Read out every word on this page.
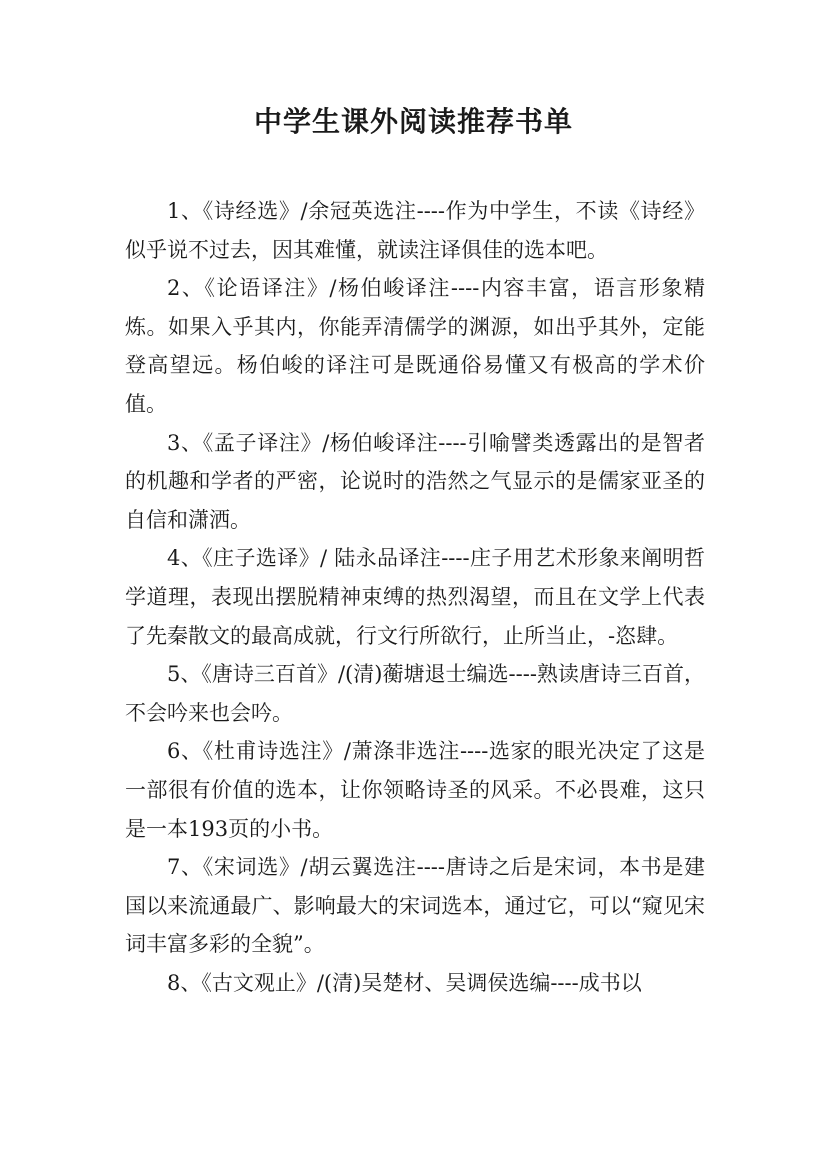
中学生课外阅读推荐书单

1、《诗经选》/余冠英选注----作为中学生，不读《诗经》似乎说不过去，因其难懂，就读注译俱佳的选本吧。

2、《论语译注》/杨伯峻译注----内容丰富，语言形象精炼。如果入乎其内，你能弄清儒学的渊源，如出乎其外，定能登高望远。杨伯峻的译注可是既通俗易懂又有极高的学术价值。

3、《孟子译注》/杨伯峻译注----引喻譬类透露出的是智者的机趣和学者的严密，论说时的浩然之气显示的是儒家亚圣的自信和潇洒。

4、《庄子选译》/ 陆永品译注----庄子用艺术形象来阐明哲学道理，表现出摆脱精神束缚的热烈渴望，而且在文学上代表了先秦散文的最高成就，行文行所欲行，止所当止，-恣肆。

5、《唐诗三百首》/(清)蘅塘退士编选----熟读唐诗三百首，不会吟来也会吟。

6、《杜甫诗选注》/萧涤非选注----选家的眼光决定了这是一部很有价值的选本，让你领略诗圣的风采。不必畏难，这只是一本193页的小书。

7、《宋词选》/胡云翼选注----唐诗之后是宋词，本书是建国以来流通最广、影响最大的宋词选本，通过它，可以“窥见宋词丰富多彩的全貌”。

8、《古文观止》/(清)吴楚材、吴调侯选编----成书以
